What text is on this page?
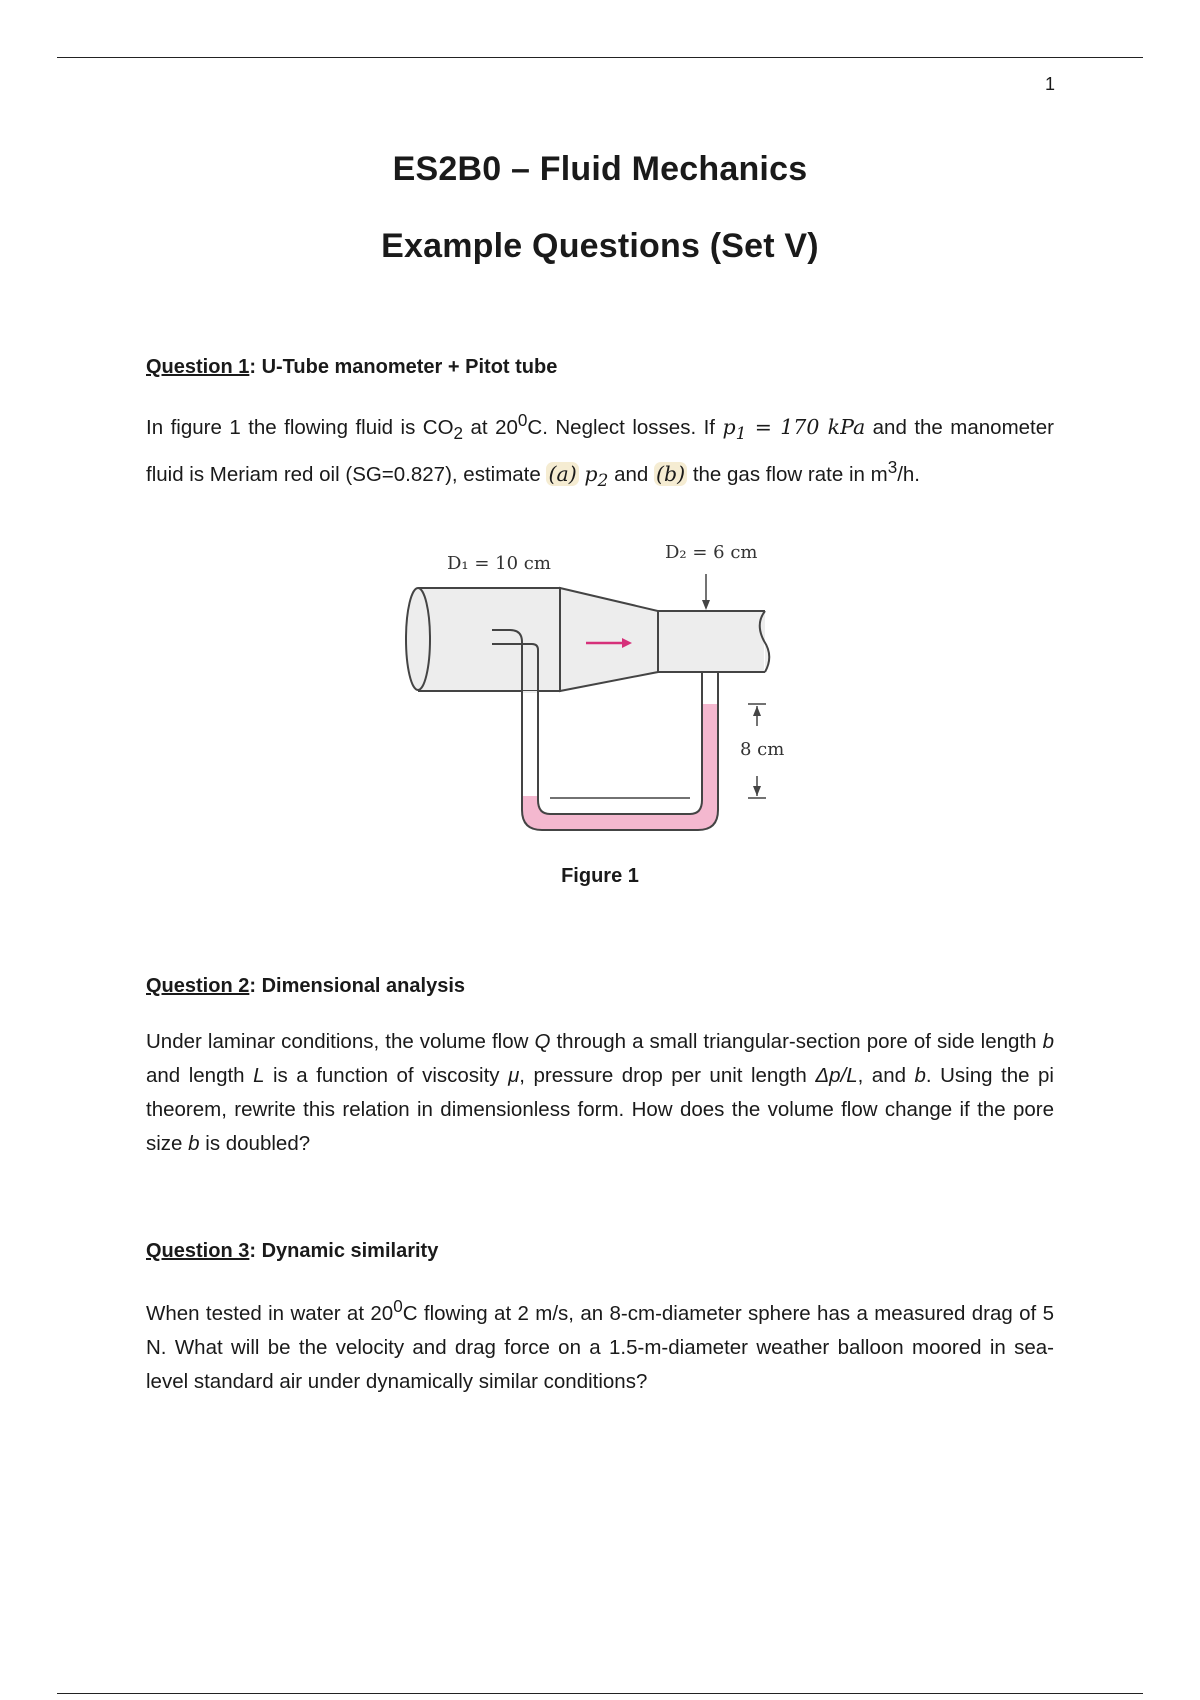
1
ES2B0 – Fluid Mechanics
Example Questions (Set V)
Question 1: U-Tube manometer + Pitot tube
In figure 1 the flowing fluid is $CO_2$ at $20^0C$. Neglect losses. If $p_1 = 170$ kPa and the manometer fluid is Meriam red oil (SG=0.827), estimate (a) $p_2$ and (b) the gas flow rate in $m^3/h$.
D₁ = 10 cm
D₂ = 6 cm
8 cm
Figure 1
Question 2: Dimensional analysis
Under laminar conditions, the volume flow Q through a small triangular-section pore of side length b and length L is a function of viscosity μ, pressure drop per unit length Δp/L, and b. Using the pi theorem, rewrite this relation in dimensionless form. How does the volume flow change if the pore size b is doubled?
Question 3: Dynamic similarity
When tested in water at $20^0C$ flowing at 2 m/s, an 8-cm-diameter sphere has a measured drag of 5 N. What will be the velocity and drag force on a 1.5-m-diameter weather balloon moored in sea-level standard air under dynamically similar conditions?
